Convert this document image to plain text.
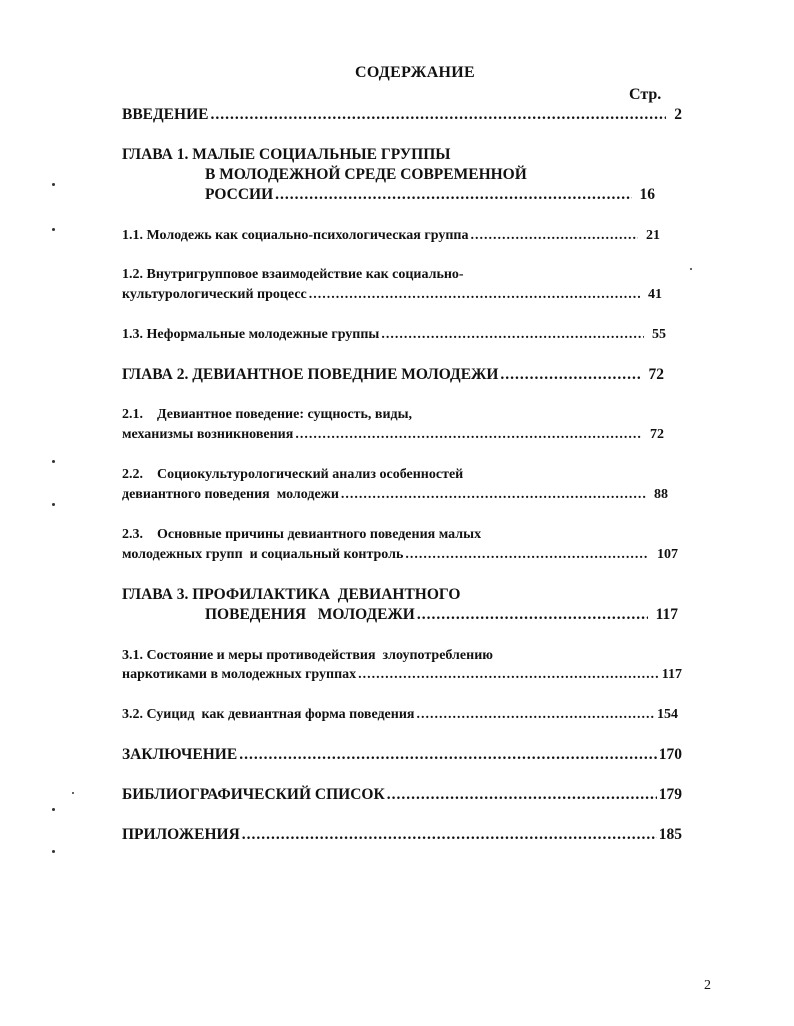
СОДЕРЖАНИЕ
Стр.
ВВЕДЕНИЕ .....	2
ГЛАВА 1. МАЛЫЕ СОЦИАЛЬНЫЕ ГРУППЫ
В МОЛОДЕЖНОЙ СРЕДЕ СОВРЕМЕННОЙ
РОССИИ .....	16
1.1. Молодежь как социально-психологическая группа .....	21
1.2. Внутригрупповое взаимодействие как социально-
культурологический процесс .....	41
1.3. Неформальные молодежные группы .....	55
ГЛАВА 2. ДЕВИАНТНОЕ ПОВЕДНИЕ МОЛОДЕЖИ .....	72
2.1.    Девиантное поведение: сущность, виды,
механизмы возникновения .....	72
2.2.    Социокультурологический анализ особенностей
девиантного поведения  молодежи .....	88
2.3.    Основные причины девиантного поведения малых
молодежных групп  и социальный контроль .....	107
ГЛАВА 3. ПРОФИЛАКТИКА  ДЕВИАНТНОГО
ПОВЕДЕНИЯ   МОЛОДЕЖИ .....	117
3.1. Состояние и меры противодействия  злоупотреблению
наркотиками в молодежных группах .....	117
3.2. Суицид  как девиантная форма поведения .....	154
ЗАКЛЮЧЕНИЕ .....	170
БИБЛИОГРАФИЧЕСКИЙ СПИСОК .....	179
ПРИЛОЖЕНИЯ .....	185
2
